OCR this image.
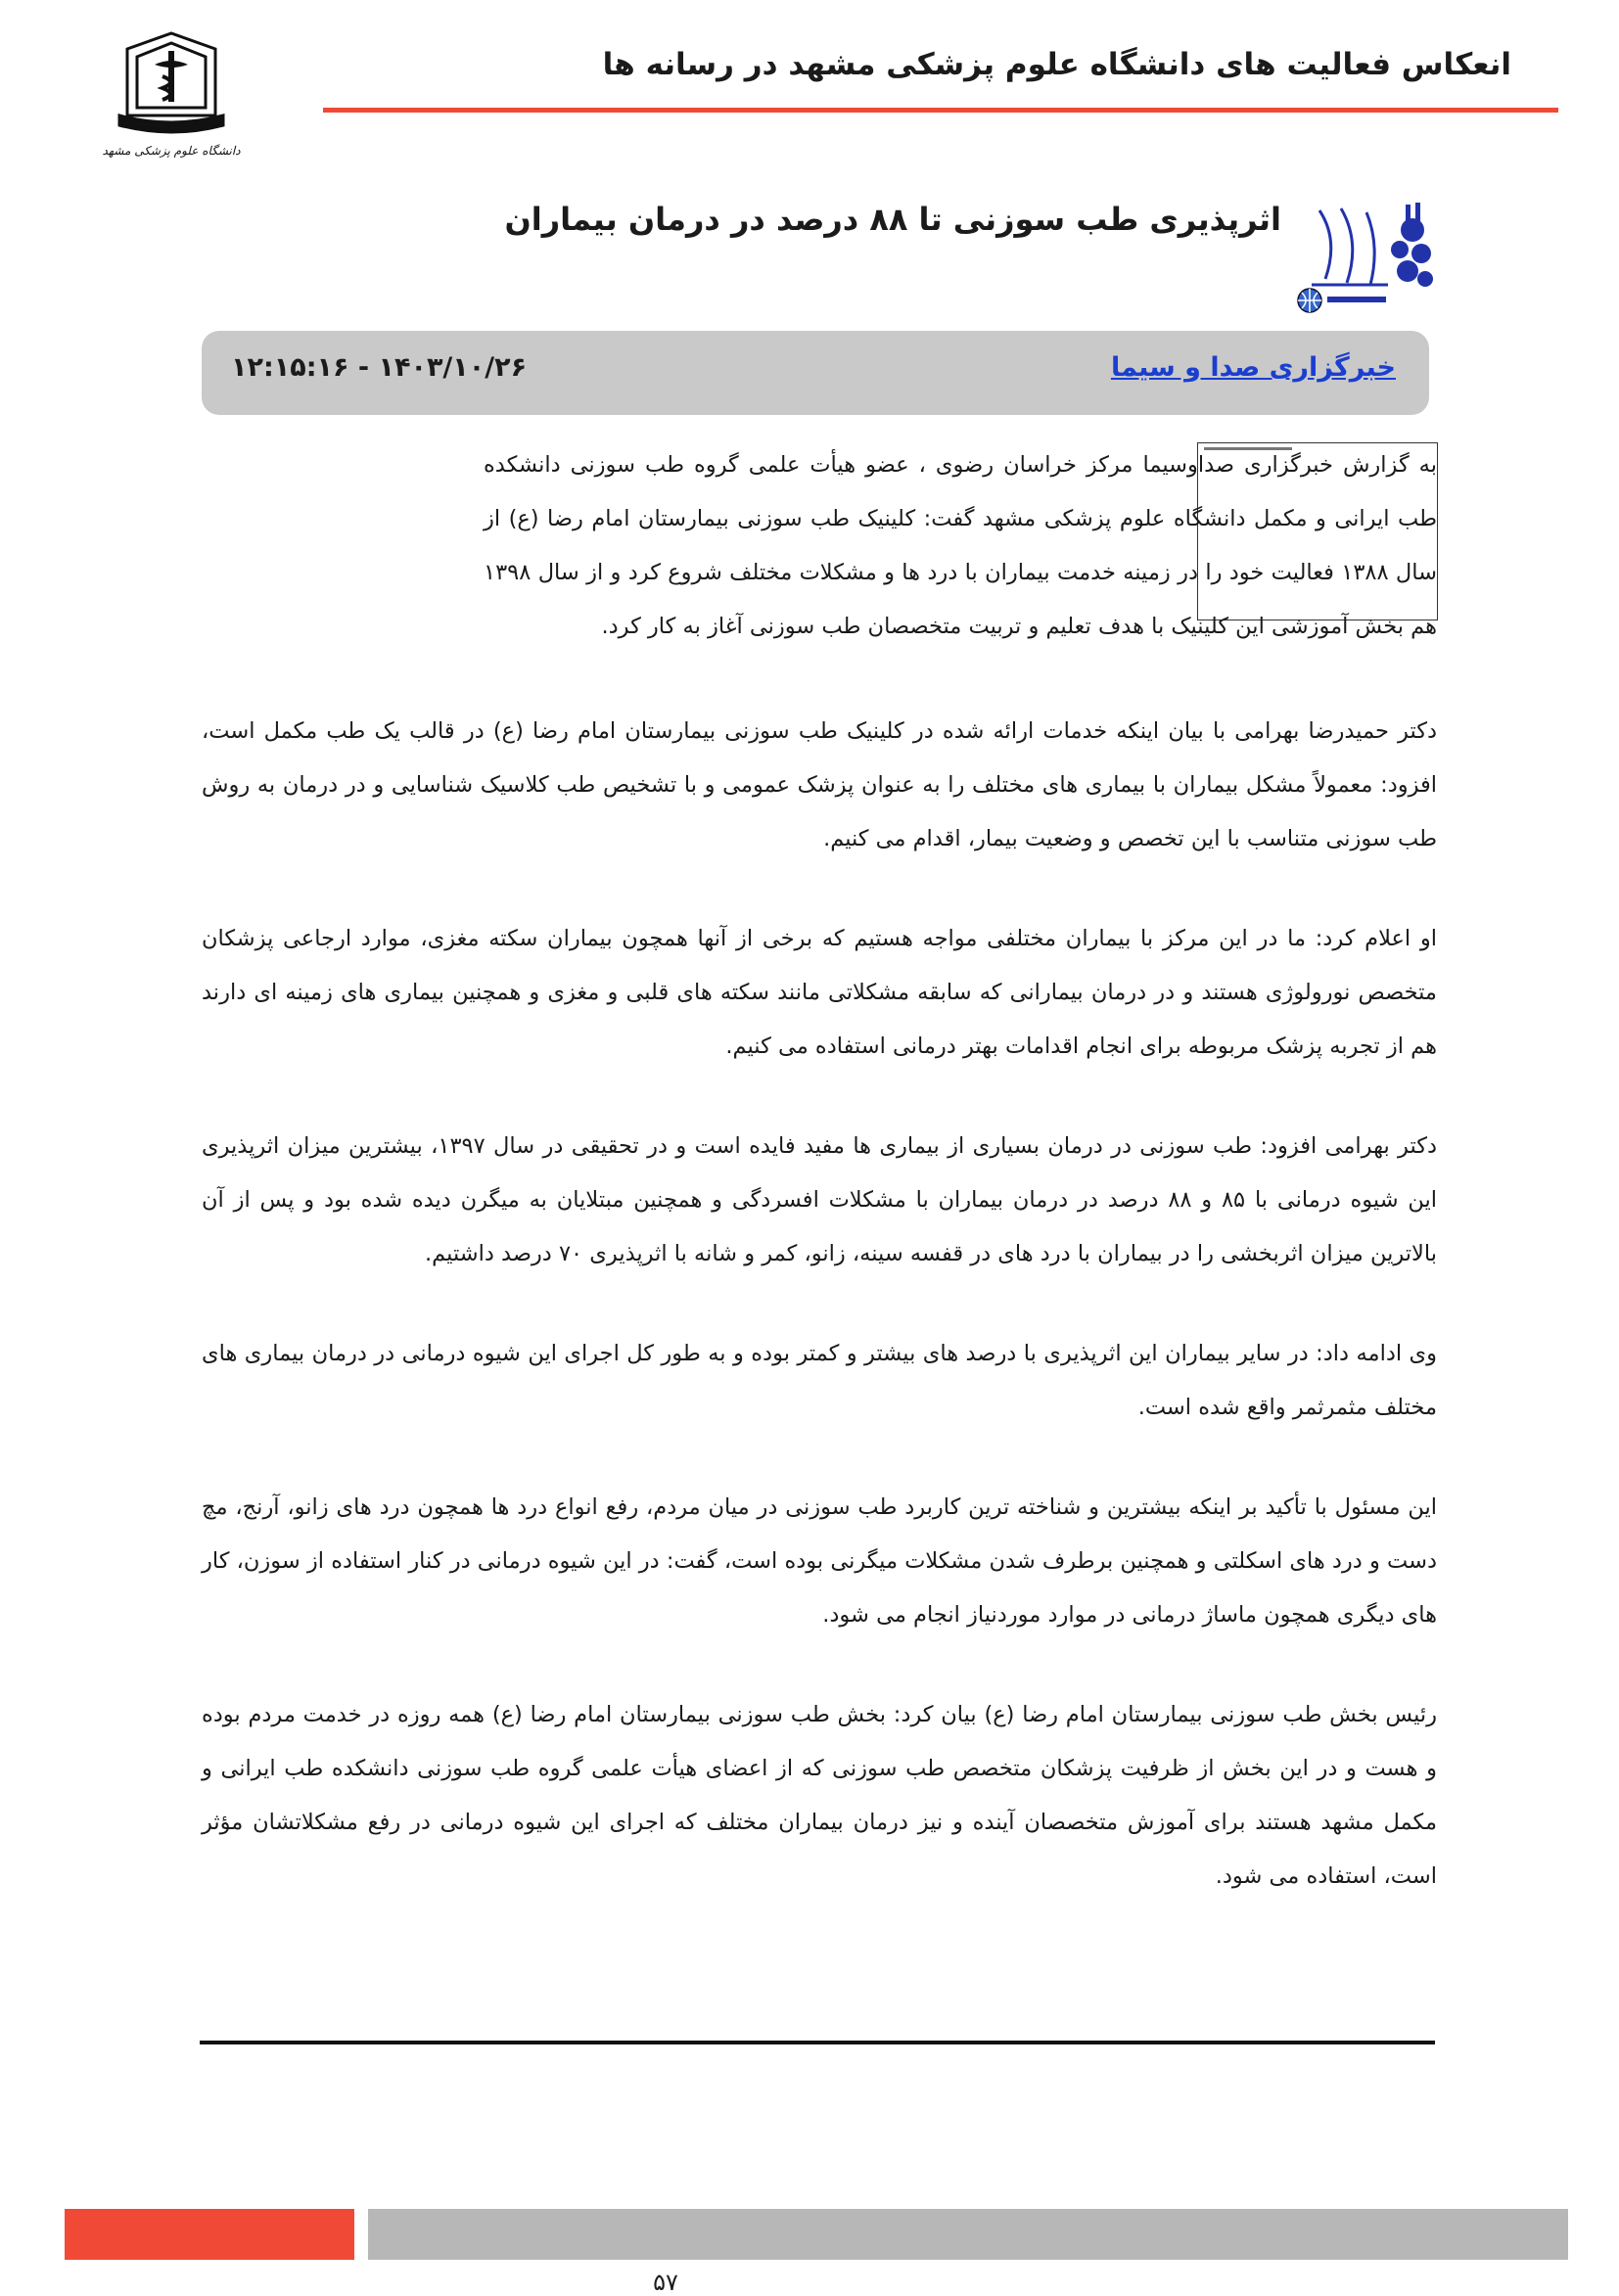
انعکاس فعالیت های دانشگاه علوم پزشکی مشهد در رسانه ها
دانشگاه علوم پزشکی مشهد
اثرپذیری طب سوزنی تا ۸۸ درصد در درمان بیماران
خبرگزاری صدا و سیما
۱۴۰۳/۱۰/۲۶ - ۱۲:۱۵:۱۶

به گزارش خبرگزاری صداوسیما مرکز خراسان رضوی ، عضو هیأت علمی گروه طب سوزنی دانشکده طب ایرانی و مکمل دانشگاه علوم پزشکی مشهد گفت: کلینیک طب سوزنی بیمارستان امام رضا (ع) از سال ۱۳۸۸ فعالیت خود را در زمینه خدمت بیماران با درد ها و مشکلات مختلف شروع کرد و از سال ۱۳۹۸ هم بخش آموزشی این کلینیک با هدف تعلیم و تربیت متخصصان طب سوزنی آغاز به کار کرد.

دکتر حمیدرضا بهرامی با بیان اینکه خدمات ارائه شده در کلینیک طب سوزنی بیمارستان امام رضا (ع) در قالب یک طب مکمل است، افزود: معمولاً مشکل بیماران با بیماری های مختلف را به عنوان پزشک عمومی و با تشخیص طب کلاسیک شناسایی و در درمان به روش طب سوزنی متناسب با این تخصص و وضعیت بیمار، اقدام می کنیم.

او اعلام کرد: ما در این مرکز با بیماران مختلفی مواجه هستیم که برخی از آنها همچون بیماران سکته مغزی، موارد ارجاعی پزشکان متخصص نورولوژی هستند و در درمان بیمارانی که سابقه مشکلاتی مانند سکته های قلبی و مغزی و همچنین بیماری های زمینه ای دارند هم از تجربه پزشک مربوطه برای انجام اقدامات بهتر درمانی استفاده می کنیم.

دکتر بهرامی افزود: طب سوزنی در درمان بسیاری از بیماری ها مفید فایده است و در تحقیقی در سال ۱۳۹۷، بیشترین میزان اثرپذیری این شیوه درمانی با ۸۵ و ۸۸ درصد در درمان بیماران با مشکلات افسردگی و همچنین مبتلایان به میگرن دیده شده بود و پس از آن بالاترین میزان اثربخشی را در بیماران با درد های در قفسه سینه، زانو، کمر و شانه با اثرپذیری ۷۰ درصد داشتیم.

وی ادامه داد: در سایر بیماران این اثرپذیری با درصد های بیشتر و کمتر بوده و به طور کل اجرای این شیوه درمانی در درمان بیماری های مختلف مثمرثمر واقع شده است.

این مسئول با تأکید بر اینکه بیشترین و شناخته ترین کاربرد طب سوزنی در میان مردم، رفع انواع درد ها همچون درد های زانو، آرنج، مچ دست و درد های اسکلتی و همچنین برطرف شدن مشکلات میگرنی بوده است، گفت: در این شیوه درمانی در کنار استفاده از سوزن، کار های دیگری همچون ماساژ درمانی در موارد موردنیاز انجام می شود.

رئیس بخش طب سوزنی بیمارستان امام رضا (ع) بیان کرد: بخش طب سوزنی بیمارستان امام رضا (ع) همه روزه در خدمت مردم بوده و هست و در این بخش از ظرفیت پزشکان متخصص طب سوزنی که از اعضای هیأت علمی گروه طب سوزنی دانشکده طب ایرانی و مکمل مشهد هستند برای آموزش متخصصان آینده و نیز درمان بیماران مختلف که اجرای این شیوه درمانی در رفع مشکلاتشان مؤثر است، استفاده می شود.

۵۷
